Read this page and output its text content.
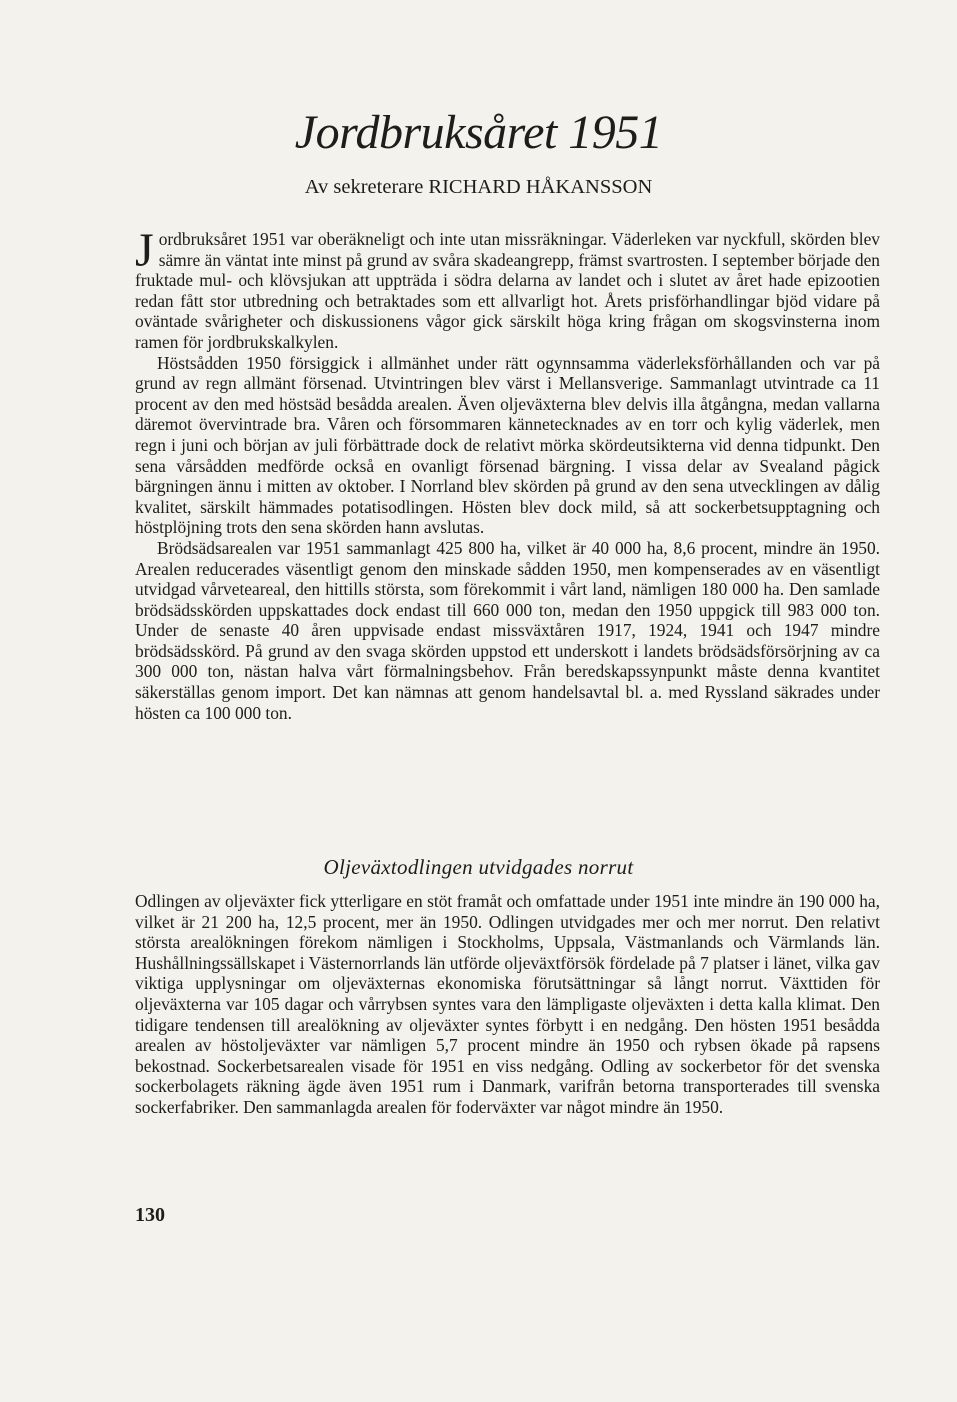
Jordbruksåret 1951
Av sekreterare RICHARD HÅKANSSON

Jordbruksåret 1951 var oberäkneligt och inte utan missräkningar. Väderleken var nyckfull, skörden blev sämre än väntat inte minst på grund av svåra skadeangrepp, främst svartrosten. I september började den fruktade mul- och klövsjukan att uppträda i södra delarna av landet och i slutet av året hade epizootien redan fått stor utbredning och betraktades som ett allvarligt hot. Årets prisförhandlingar bjöd vidare på oväntade svårigheter och diskussionens vågor gick särskilt höga kring frågan om skogsvinsterna inom ramen för jordbrukskalkylen.

Höstsådden 1950 försiggick i allmänhet under rätt ogynnsamma väderleksförhållanden och var på grund av regn allmänt försenad. Utvintringen blev värst i Mellansverige. Sammanlagt utvintrade ca 11 procent av den med höstsäd besådda arealen. Även oljeväxterna blev delvis illa åtgångna, medan vallarna däremot övervintrade bra. Våren och försommaren kännetecknades av en torr och kylig väderlek, men regn i juni och början av juli förbättrade dock de relativt mörka skördeutsikterna vid denna tidpunkt. Den sena vårsådden medförde också en ovanligt försenad bärgning. I vissa delar av Svealand pågick bärgningen ännu i mitten av oktober. I Norrland blev skörden på grund av den sena utvecklingen av dålig kvalitet, särskilt hämmades potatisodlingen. Hösten blev dock mild, så att sockerbetsupptagning och höstplöjning trots den sena skörden hann avslutas.

Brödsädsarealen var 1951 sammanlagt 425 800 ha, vilket är 40 000 ha, 8,6 procent, mindre än 1950. Arealen reducerades väsentligt genom den minskade sådden 1950, men kompenserades av en väsentligt utvidgad vårveteareal, den hittills största, som förekommit i vårt land, nämligen 180 000 ha. Den samlade brödsädsskörden uppskattades dock endast till 660 000 ton, medan den 1950 uppgick till 983 000 ton. Under de senaste 40 åren uppvisade endast missväxtåren 1917, 1924, 1941 och 1947 mindre brödsädsskörd. På grund av den svaga skörden uppstod ett underskott i landets brödsädsförsörjning av ca 300 000 ton, nästan halva vårt förmalningsbehov. Från beredskapssynpunkt måste denna kvantitet säkerställas genom import. Det kan nämnas att genom handelsavtal bl. a. med Ryssland säkrades under hösten ca 100 000 ton.

Oljeväxtodlingen utvidgades norrut

Odlingen av oljeväxter fick ytterligare en stöt framåt och omfattade under 1951 inte mindre än 190 000 ha, vilket är 21 200 ha, 12,5 procent, mer än 1950. Odlingen utvidgades mer och mer norrut. Den relativt största arealökningen förekom nämligen i Stockholms, Uppsala, Västmanlands och Värmlands län. Hushållningssällskapet i Västernorrlands län utförde oljeväxtförsök fördelade på 7 platser i länet, vilka gav viktiga upplysningar om oljeväxternas ekonomiska förutsättningar så långt norrut. Växttiden för oljeväxterna var 105 dagar och vårrybsen syntes vara den lämpligaste oljeväxten i detta kalla klimat. Den tidigare tendensen till arealökning av oljeväxter syntes förbytt i en nedgång. Den hösten 1951 besådda arealen av höstoljeväxter var nämligen 5,7 procent mindre än 1950 och rybsen ökade på rapsens bekostnad. Sockerbetsarealen visade för 1951 en viss nedgång. Odling av sockerbetor för det svenska sockerbolagets räkning ägde även 1951 rum i Danmark, varifrån betorna transporterades till svenska sockerfabriker. Den sammanlagda arealen för foderväxter var något mindre än 1950.

130
